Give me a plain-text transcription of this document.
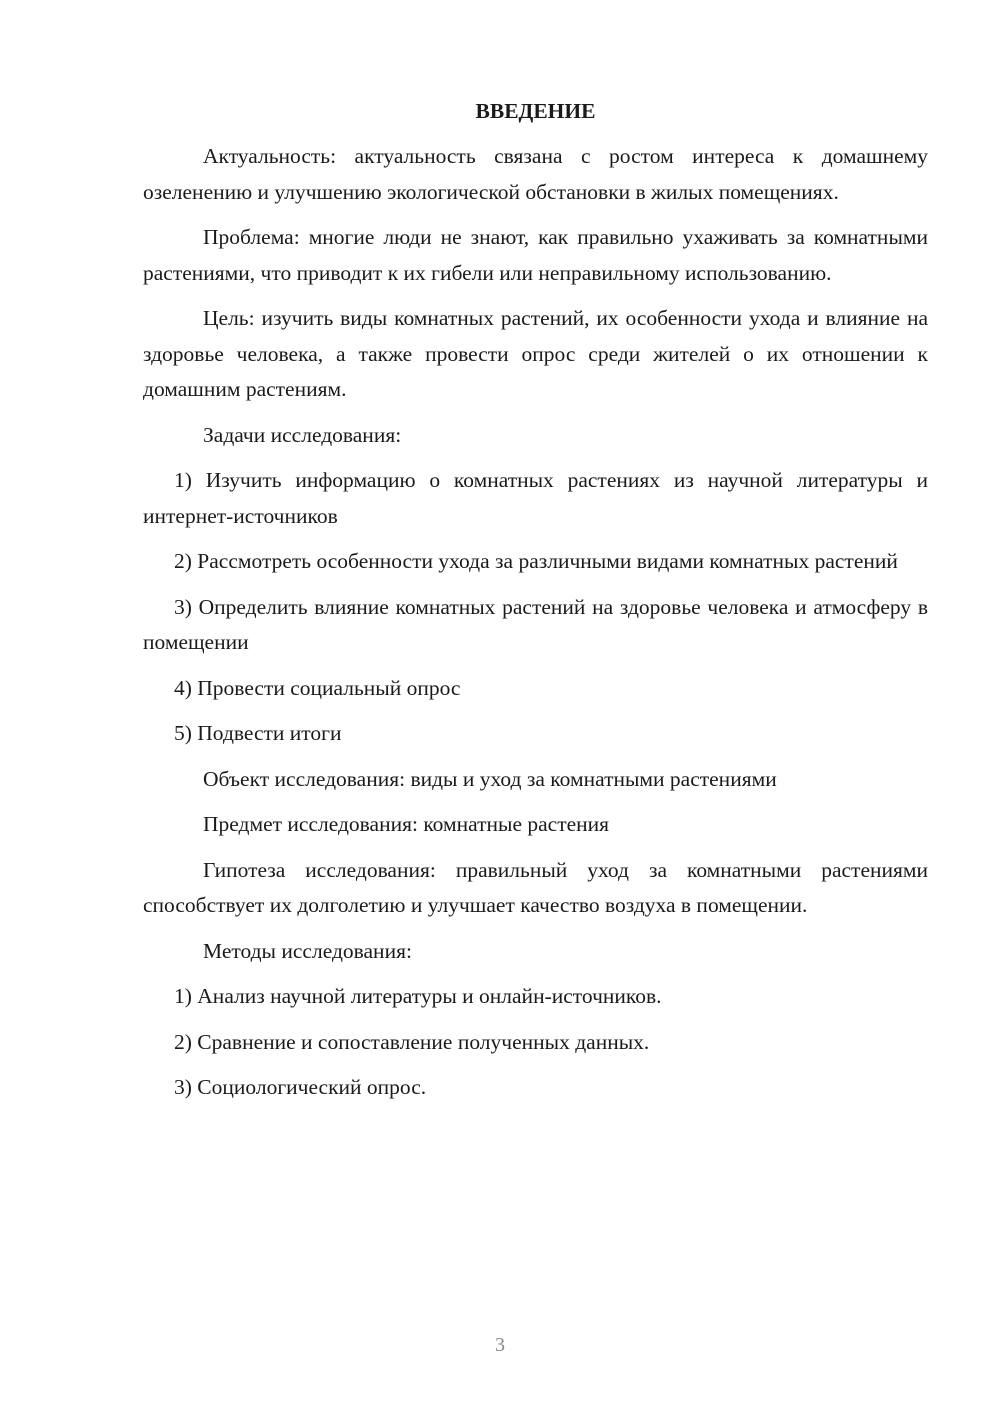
ВВЕДЕНИЕ
Актуальность: актуальность связана с ростом интереса к домашнему озеленению и улучшению экологической обстановки в жилых помещениях.
Проблема: многие люди не знают, как правильно ухаживать за комнатными растениями, что приводит к их гибели или неправильному использованию.
Цель: изучить виды комнатных растений, их особенности ухода и влияние на здоровье человека, а также провести опрос среди жителей о их отношении к домашним растениям.
Задачи исследования:
1) Изучить информацию о комнатных растениях из научной литературы и интернет-источников
2) Рассмотреть особенности ухода за различными видами комнатных растений
3) Определить влияние комнатных растений на здоровье человека и атмосферу в помещении
4) Провести социальный опрос
5) Подвести итоги
Объект исследования: виды и уход за комнатными растениями
Предмет исследования: комнатные растения
Гипотеза исследования: правильный уход за комнатными растениями способствует их долголетию и улучшает качество воздуха в помещении.
Методы исследования:
1) Анализ научной литературы и онлайн-источников.
2) Сравнение и сопоставление полученных данных.
3) Социологический опрос.
3
